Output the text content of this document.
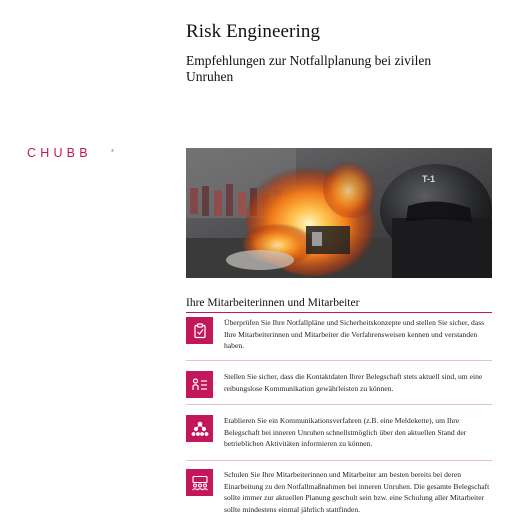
Risk Engineering
Empfehlungen zur Notfallplanung bei zivilen Unruhen
CHUBB	®
T-1
Ihre Mitarbeiterinnen und Mitarbeiter
Überprüfen Sie Ihre Notfallpläne und Sicherheitskonzepte und stellen Sie sicher, dass Ihre Mitarbeiterinnen und Mitarbeiter die Verfahrensweisen kennen und verstanden haben.
Stellen Sie sicher, dass die Kontaktdaten Ihrer Belegschaft stets aktuell sind, um eine reibungslose Kommunikation gewährleisten zu können.
Etablieren Sie ein Kommunikationsverfahren (z.B. eine Meldekette), um Ihre Belegschaft bei inneren Unruhen schnellstmöglich über den aktuellen Stand der betrieblichen Aktivitäten informieren zu können.
Schulen Sie Ihre Mitarbeiterinnen und Mitarbeiter am besten bereits bei deren Einarbeitung zu den Notfallmaßnahmen bei inneren Unruhen. Die gesamte Belegschaft sollte immer zur aktuellen Planung geschult sein bzw. eine Schulung aller Mitarbeiter sollte mindestens einmal jährlich stattfinden.
